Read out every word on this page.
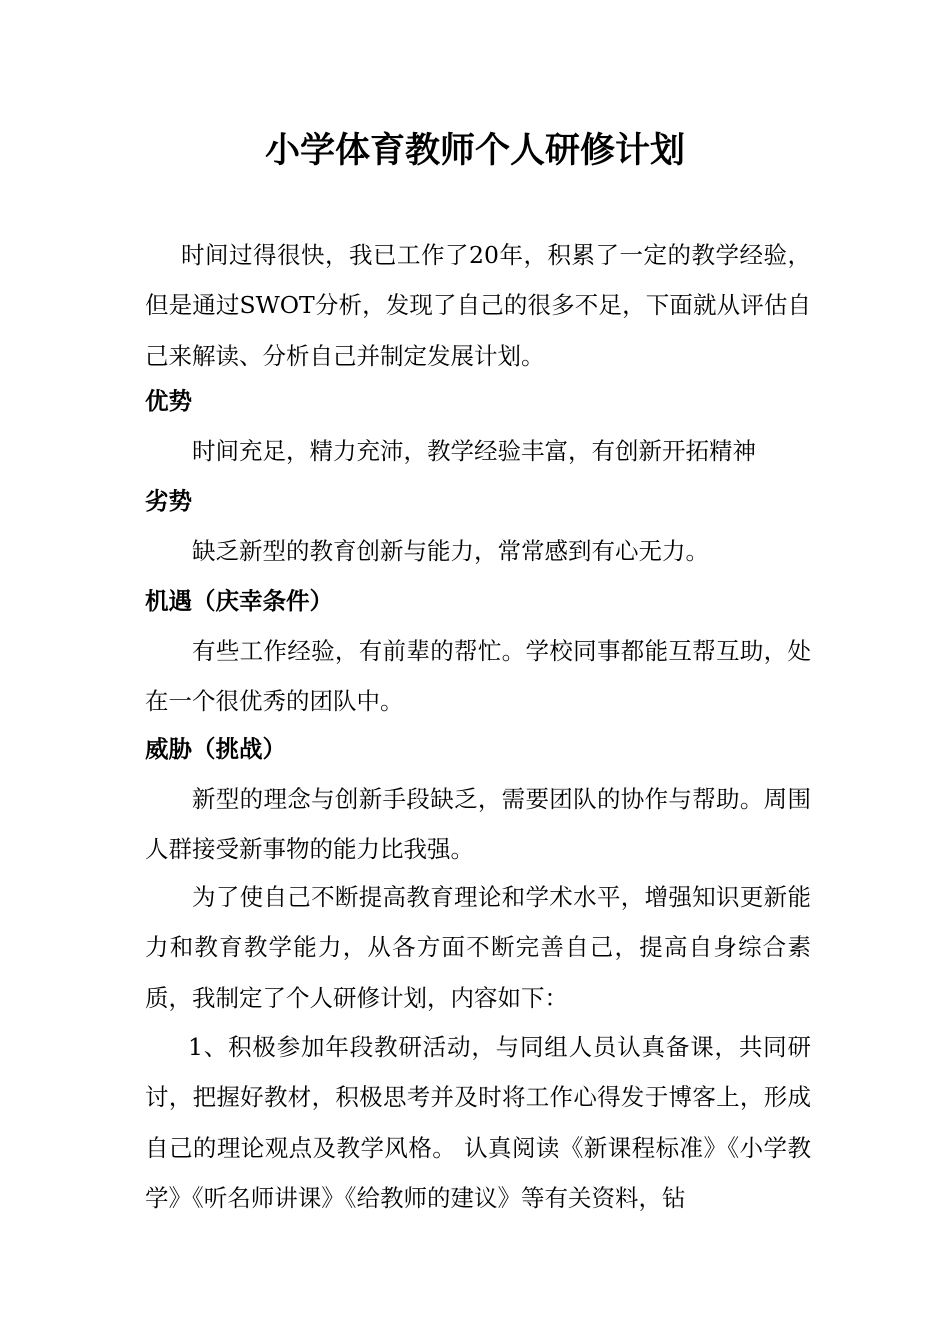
小学体育教师个人研修计划

时间过得很快，我已工作了20年，积累了一定的教学经验，但是通过SWOT分析，发现了自己的很多不足，下面就从评估自己来解读、分析自己并制定发展计划。

优势

时间充足，精力充沛，教学经验丰富，有创新开拓精神

劣势

缺乏新型的教育创新与能力，常常感到有心无力。

机遇（庆幸条件）

有些工作经验，有前辈的帮忙。学校同事都能互帮互助，处在一个很优秀的团队中。

威胁（挑战）

新型的理念与创新手段缺乏，需要团队的协作与帮助。周围人群接受新事物的能力比我强。

为了使自己不断提高教育理论和学术水平，增强知识更新能力和教育教学能力，从各方面不断完善自己，提高自身综合素质，我制定了个人研修计划，内容如下：

1、积极参加年段教研活动，与同组人员认真备课，共同研讨，把握好教材，积极思考并及时将工作心得发于博客上，形成自己的理论观点及教学风格。 认真阅读《新课程标准》《小学教学》《听名师讲课》《给教师的建议》等有关资料，钻
